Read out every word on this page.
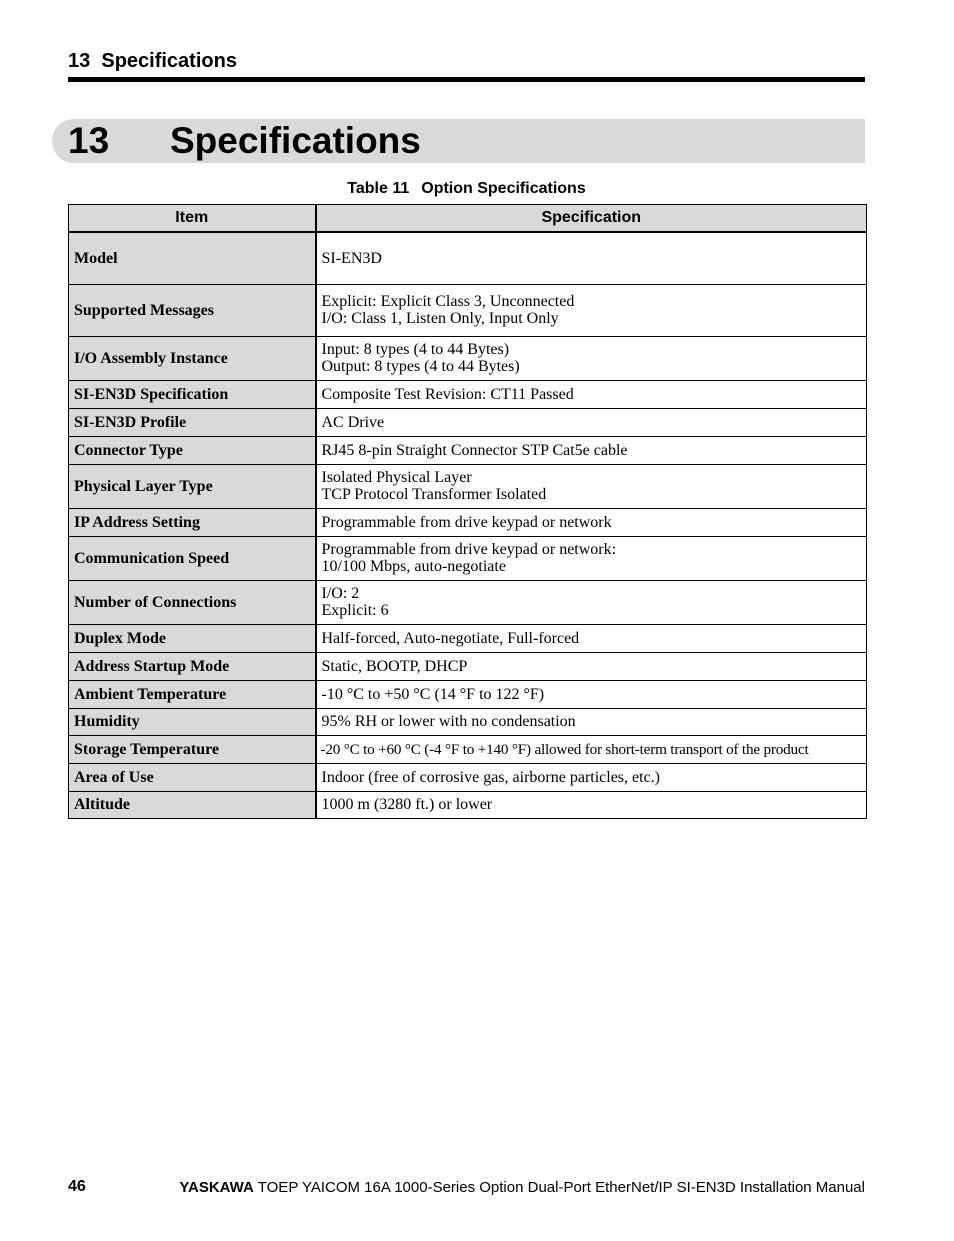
13  Specifications
13 Specifications
Table 11 Option Specifications
Item	Specification
Model	SI-EN3D

Supported Messages	Explicit: Explicit Class 3, Unconnected
I/O: Class 1, Listen Only, Input Only

I/O Assembly Instance	Input: 8 types (4 to 44 Bytes)
Output: 8 types (4 to 44 Bytes)

SI-EN3D Specification	Composite Test Revision: CT11 Passed

SI-EN3D Profile	AC Drive

Connector Type	RJ45 8-pin Straight Connector STP Cat5e cable

Physical Layer Type	Isolated Physical Layer
TCP Protocol Transformer Isolated

IP Address Setting	Programmable from drive keypad or network

Communication Speed	Programmable from drive keypad or network:
10/100 Mbps, auto-negotiate

Number of Connections	I/O: 2
Explicit: 6

Duplex Mode	Half-forced, Auto-negotiate, Full-forced

Address Startup Mode	Static, BOOTP, DHCP

Ambient Temperature	-10 °C to +50 °C (14 °F to 122 °F)

Humidity	95% RH or lower with no condensation

Storage Temperature	-20 °C to +60 °C (-4 °F to +140 °F) allowed for short-term transport of the product

Area of Use	Indoor (free of corrosive gas, airborne particles, etc.)

Altitude	1000 m (3280 ft.) or lower
46	YASKAWA TOEP YAICOM 16A 1000-Series Option Dual-Port EtherNet/IP SI-EN3D Installation Manual
